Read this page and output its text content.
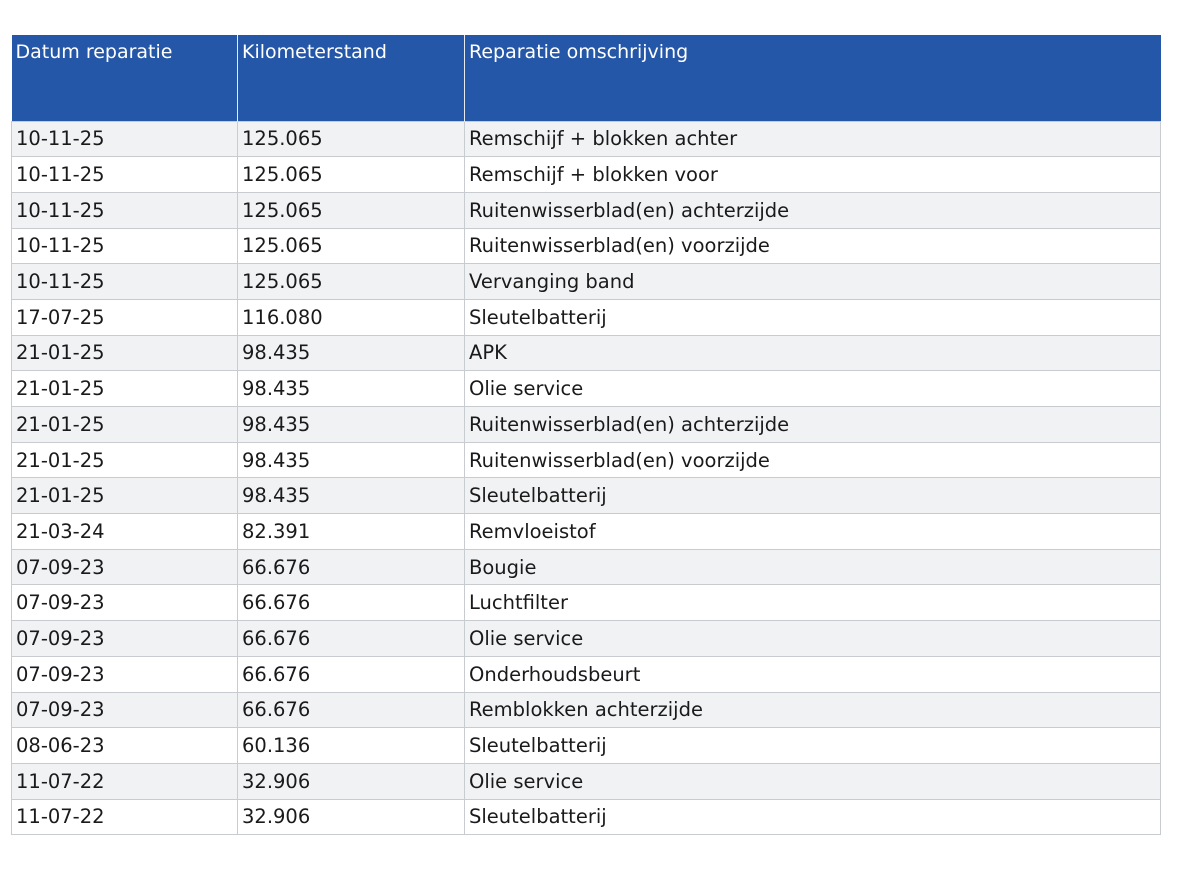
Datum reparatie	Kilometerstand	Reparatie omschrijving
10-11-25	125.065	Remschijf + blokken achter
10-11-25	125.065	Remschijf + blokken voor
10-11-25	125.065	Ruitenwisserblad(en) achterzijde
10-11-25	125.065	Ruitenwisserblad(en) voorzijde
10-11-25	125.065	Vervanging band
17-07-25	116.080	Sleutelbatterij
21-01-25	98.435	APK
21-01-25	98.435	Olie service
21-01-25	98.435	Ruitenwisserblad(en) achterzijde
21-01-25	98.435	Ruitenwisserblad(en) voorzijde
21-01-25	98.435	Sleutelbatterij
21-03-24	82.391	Remvloeistof
07-09-23	66.676	Bougie
07-09-23	66.676	Luchtfilter
07-09-23	66.676	Olie service
07-09-23	66.676	Onderhoudsbeurt
07-09-23	66.676	Remblokken achterzijde
08-06-23	60.136	Sleutelbatterij
11-07-22	32.906	Olie service
11-07-22	32.906	Sleutelbatterij
